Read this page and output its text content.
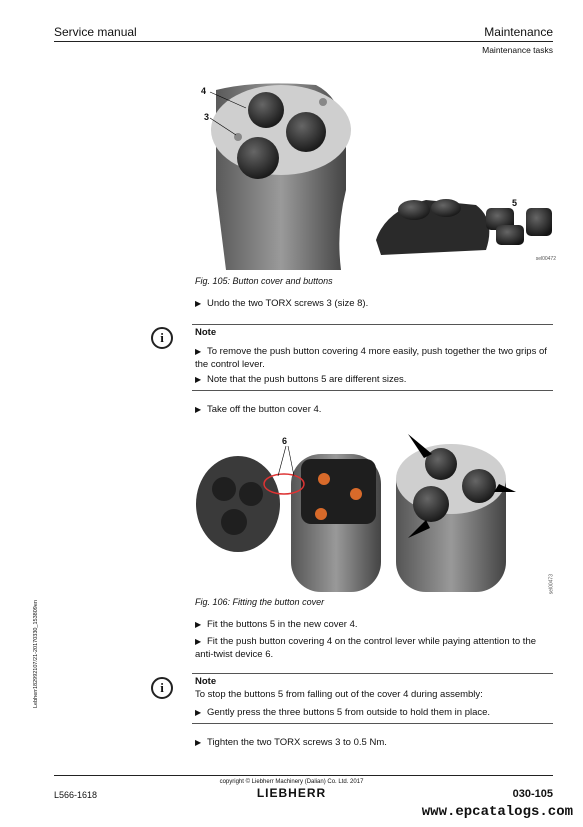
Service manual	Maintenance
Maintenance tasks
4
3
5
sel00472
Fig. 105: Button cover and buttons
▶ Undo the two TORX screws 3 (size 8).
i	Note
▶ To remove the push button covering 4 more easily, push together the two grips of the control lever.
▶ Note that the push buttons 5 are different sizes.
▶ Take off the button cover 4.
6
sel00473
Fig. 106: Fitting the button cover
▶ Fit the buttons 5 in the new cover 4.
▶ Fit the push button covering 4 on the control lever while paying attention to the anti-twist device 6.
i	Note
To stop the buttons 5 from falling out of the cover 4 during assembly:
▶ Gently press the three buttons 5 from outside to hold them in place.
▶ Tighten the two TORX screws 3 to 0.5 Nm.
Lebherr182992107/21-20170330_153809en
copyright © Liebherr Machinery (Dalian) Co. Ltd. 2017
L566-1618	LIEBHERR	030-105
www.epcatalogs.com
